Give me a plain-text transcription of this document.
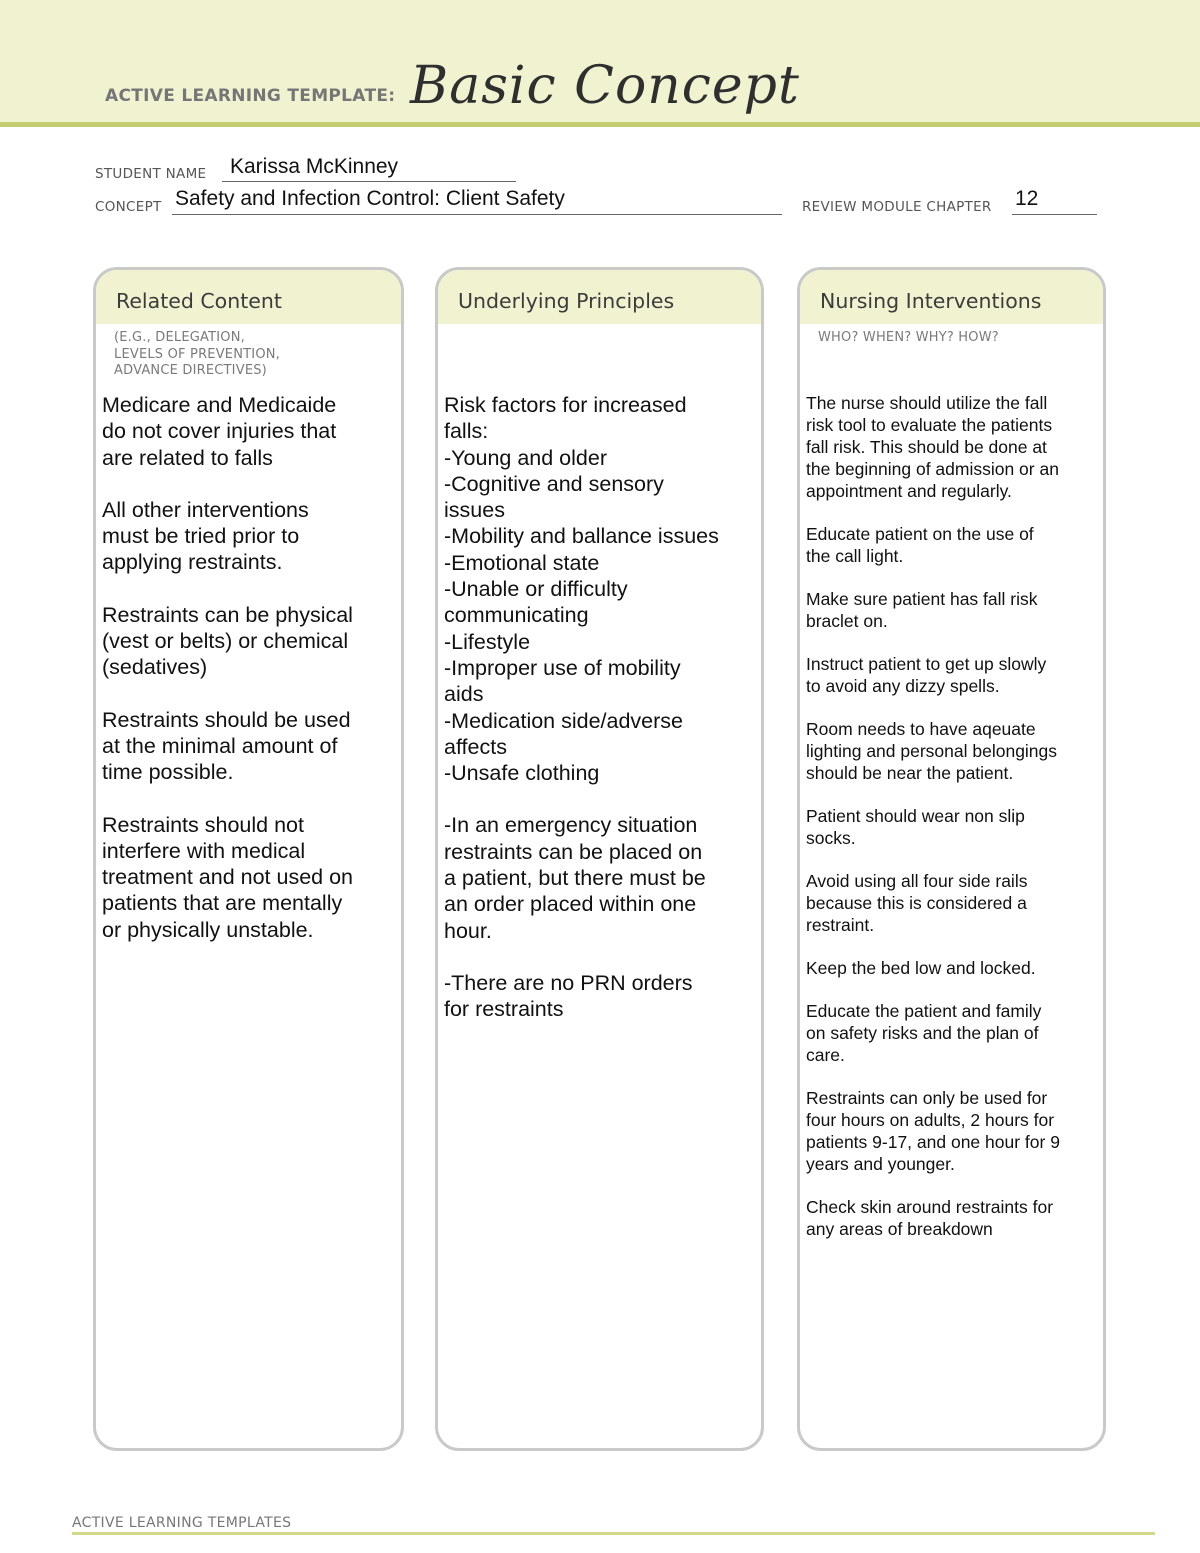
ACTIVE LEARNING TEMPLATE: Basic Concept
STUDENT NAME Karissa McKinney
CONCEPT Safety and Infection Control: Client Safety	REVIEW MODULE CHAPTER 12
Related Content
(E.G., DELEGATION,
LEVELS OF PREVENTION,
ADVANCE DIRECTIVES)

Medicare and Medicaide
do not cover injuries that
are related to falls

All other interventions
must be tried prior to
applying restraints.

Restraints can be physical
(vest or belts) or chemical
(sedatives)

Restraints should be used
at the minimal amount of
time possible.

Restraints should not
interfere with medical
treatment and not used on
patients that are mentally
or physically unstable.

Underlying Principles

Risk factors for increased
falls:
-Young and older
-Cognitive and sensory
issues
-Mobility and ballance issues
-Emotional state
-Unable or difficulty
communicating
-Lifestyle
-Improper use of mobility
aids
-Medication side/adverse
affects
-Unsafe clothing

-In an emergency situation
restraints can be placed on
a patient, but there must be
an order placed within one
hour.

-There are no PRN orders
for restraints

Nursing Interventions
WHO? WHEN? WHY? HOW?

The nurse should utilize the fall
risk tool to evaluate the patients
fall risk. This should be done at
the beginning of admission or an
appointment and regularly.

Educate patient on the use of
the call light.

Make sure patient has fall risk
braclet on.

Instruct patient to get up slowly
to avoid any dizzy spells.

Room needs to have aqeuate
lighting and personal belongings
should be near the patient.

Patient should wear non slip
socks.

Avoid using all four side rails
because this is considered a
restraint.

Keep the bed low and locked.

Educate the patient and family
on safety risks and the plan of
care.

Restraints can only be used for
four hours on adults, 2 hours for
patients 9-17, and one hour for 9
years and younger.

Check skin around restraints for
any areas of breakdown

ACTIVE LEARNING TEMPLATES
